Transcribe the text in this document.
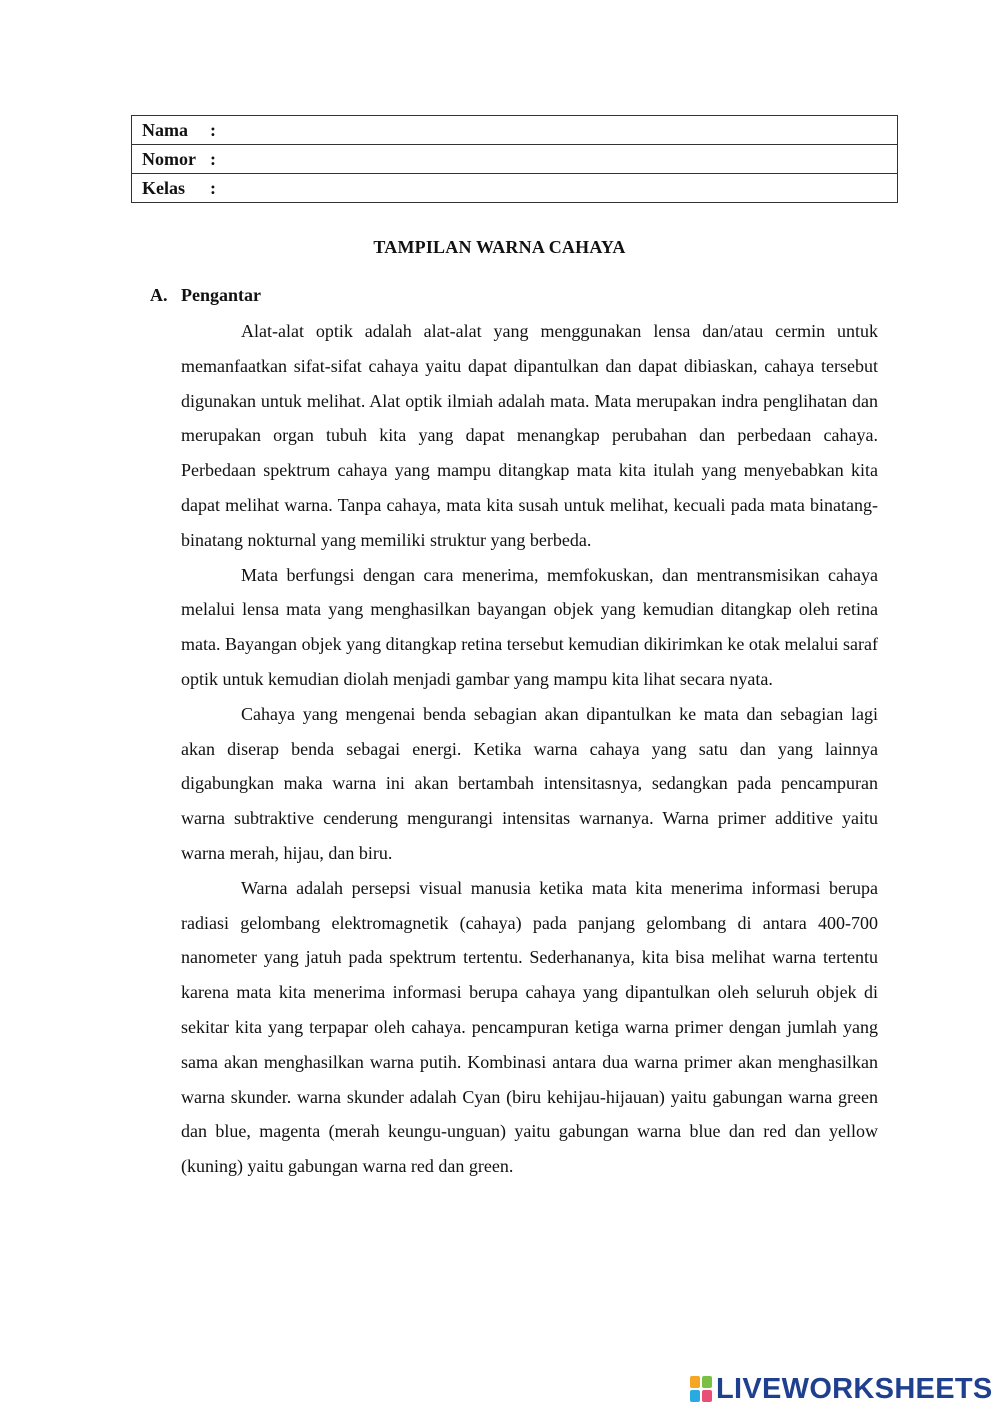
Nama :
Nomor :
Kelas :
TAMPILAN WARNA CAHAYA
A. Pengantar

Alat-alat optik adalah alat-alat yang menggunakan lensa dan/atau cermin untuk memanfaatkan sifat-sifat cahaya yaitu dapat dipantulkan dan dapat dibiaskan, cahaya tersebut digunakan untuk melihat. Alat optik ilmiah adalah mata. Mata merupakan indra penglihatan dan merupakan organ tubuh kita yang dapat menangkap perubahan dan perbedaan cahaya. Perbedaan spektrum cahaya yang mampu ditangkap mata kita itulah yang menyebabkan kita dapat melihat warna. Tanpa cahaya, mata kita susah untuk melihat, kecuali pada mata binatang-binatang nokturnal yang memiliki struktur yang berbeda.

Mata berfungsi dengan cara menerima, memfokuskan, dan mentransmisikan cahaya melalui lensa mata yang menghasilkan bayangan objek yang kemudian ditangkap oleh retina mata. Bayangan objek yang ditangkap retina tersebut kemudian dikirimkan ke otak melalui saraf optik untuk kemudian diolah menjadi gambar yang mampu kita lihat secara nyata.

Cahaya yang mengenai benda sebagian akan dipantulkan ke mata dan sebagian lagi akan diserap benda sebagai energi. Ketika warna cahaya yang satu dan yang lainnya digabungkan maka warna ini akan bertambah intensitasnya, sedangkan pada pencampuran warna subtraktive cenderung mengurangi intensitas warnanya. Warna primer additive yaitu warna merah, hijau, dan biru.

Warna adalah persepsi visual manusia ketika mata kita menerima informasi berupa radiasi gelombang elektromagnetik (cahaya) pada panjang gelombang di antara 400-700 nanometer yang jatuh pada spektrum tertentu. Sederhananya, kita bisa melihat warna tertentu karena mata kita menerima informasi berupa cahaya yang dipantulkan oleh seluruh objek di sekitar kita yang terpapar oleh cahaya. pencampuran ketiga warna primer dengan jumlah yang sama akan menghasilkan warna putih. Kombinasi antara dua warna primer akan menghasilkan warna skunder. warna skunder adalah Cyan (biru kehijau-hijauan) yaitu gabungan warna green dan blue, magenta (merah keungu-unguan) yaitu gabungan warna blue dan red dan yellow (kuning) yaitu gabungan warna red dan green.

LIVEWORKSHEETS
